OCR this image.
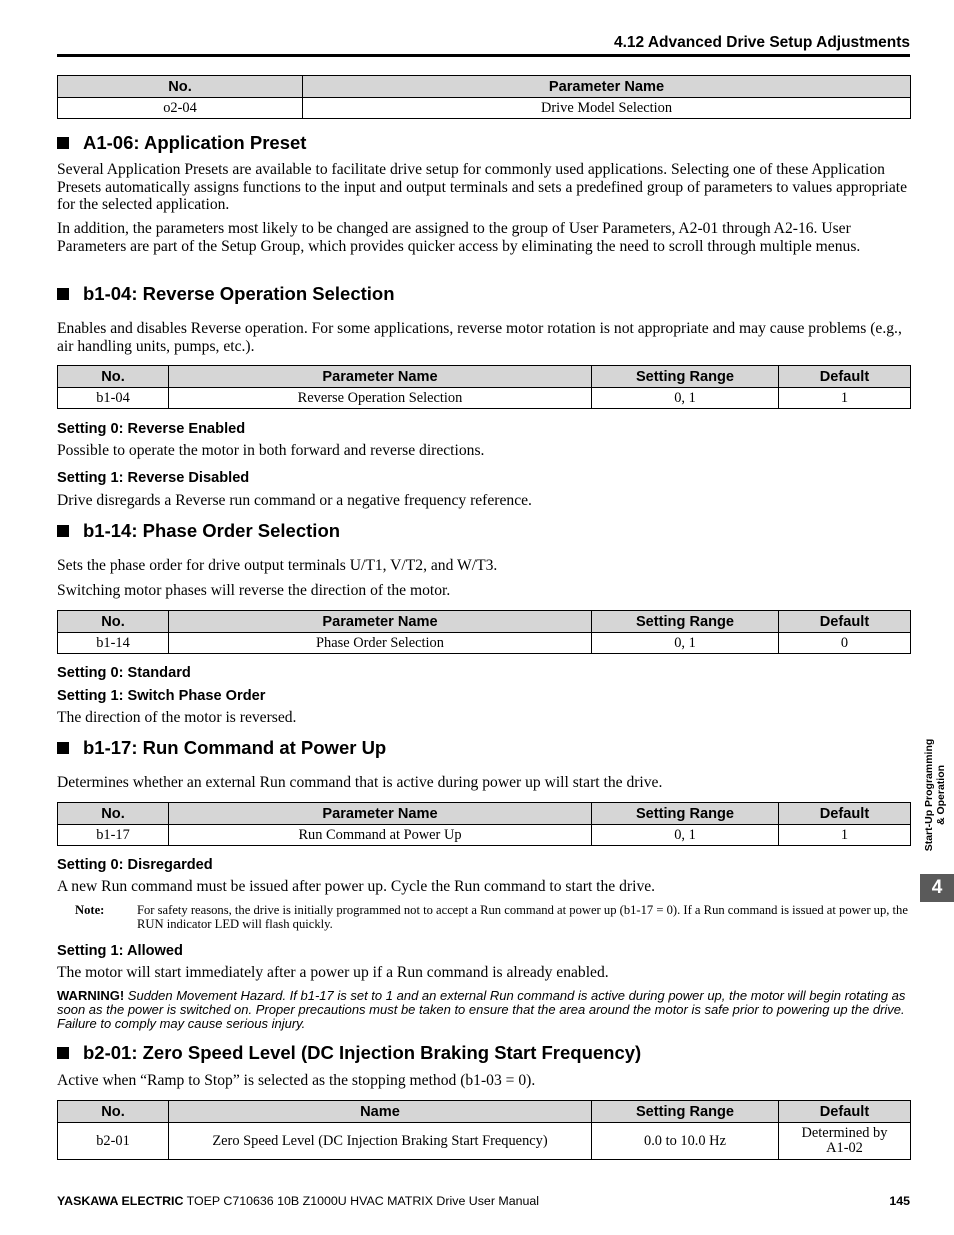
4.12 Advanced Drive Setup Adjustments
No.	Parameter Name
o2-04	Drive Model Selection
A1-06: Application Preset
Several Application Presets are available to facilitate drive setup for commonly used applications. Selecting one of these Application Presets automatically assigns functions to the input and output terminals and sets a predefined group of parameters to values appropriate for the selected application.
In addition, the parameters most likely to be changed are assigned to the group of User Parameters, A2-01 through A2-16. User Parameters are part of the Setup Group, which provides quicker access by eliminating the need to scroll through multiple menus.
b1-04: Reverse Operation Selection
Enables and disables Reverse operation. For some applications, reverse motor rotation is not appropriate and may cause problems (e.g., air handling units, pumps, etc.).
No.	Parameter Name	Setting Range	Default
b1-04	Reverse Operation Selection	0, 1	1
Setting 0: Reverse Enabled
Possible to operate the motor in both forward and reverse directions.
Setting 1: Reverse Disabled
Drive disregards a Reverse run command or a negative frequency reference.
b1-14: Phase Order Selection
Sets the phase order for drive output terminals U/T1, V/T2, and W/T3.
Switching motor phases will reverse the direction of the motor.
No.	Parameter Name	Setting Range	Default
b1-14	Phase Order Selection	0, 1	0
Setting 0: Standard
Setting 1: Switch Phase Order
The direction of the motor is reversed.
b1-17: Run Command at Power Up
Determines whether an external Run command that is active during power up will start the drive.
No.	Parameter Name	Setting Range	Default
b1-17	Run Command at Power Up	0, 1	1
Setting 0: Disregarded
A new Run command must be issued after power up. Cycle the Run command to start the drive.
Note:	For safety reasons, the drive is initially programmed not to accept a Run command at power up (b1-17 = 0). If a Run command is issued at power up, the RUN indicator LED will flash quickly.
Setting 1: Allowed
The motor will start immediately after a power up if a Run command is already enabled.
WARNING! Sudden Movement Hazard. If b1-17 is set to 1 and an external Run command is active during power up, the motor will begin rotating as soon as the power is switched on. Proper precautions must be taken to ensure that the area around the motor is safe prior to powering up the drive. Failure to comply may cause serious injury.
b2-01: Zero Speed Level (DC Injection Braking Start Frequency)
Active when “Ramp to Stop” is selected as the stopping method (b1-03 = 0).
No.	Name	Setting Range	Default
b2-01	Zero Speed Level (DC Injection Braking Start Frequency)	0.0 to 10.0 Hz	Determined by A1-02
Start-Up Programming & Operation
4
YASKAWA ELECTRIC TOEP C710636 10B Z1000U HVAC MATRIX Drive User Manual	145
